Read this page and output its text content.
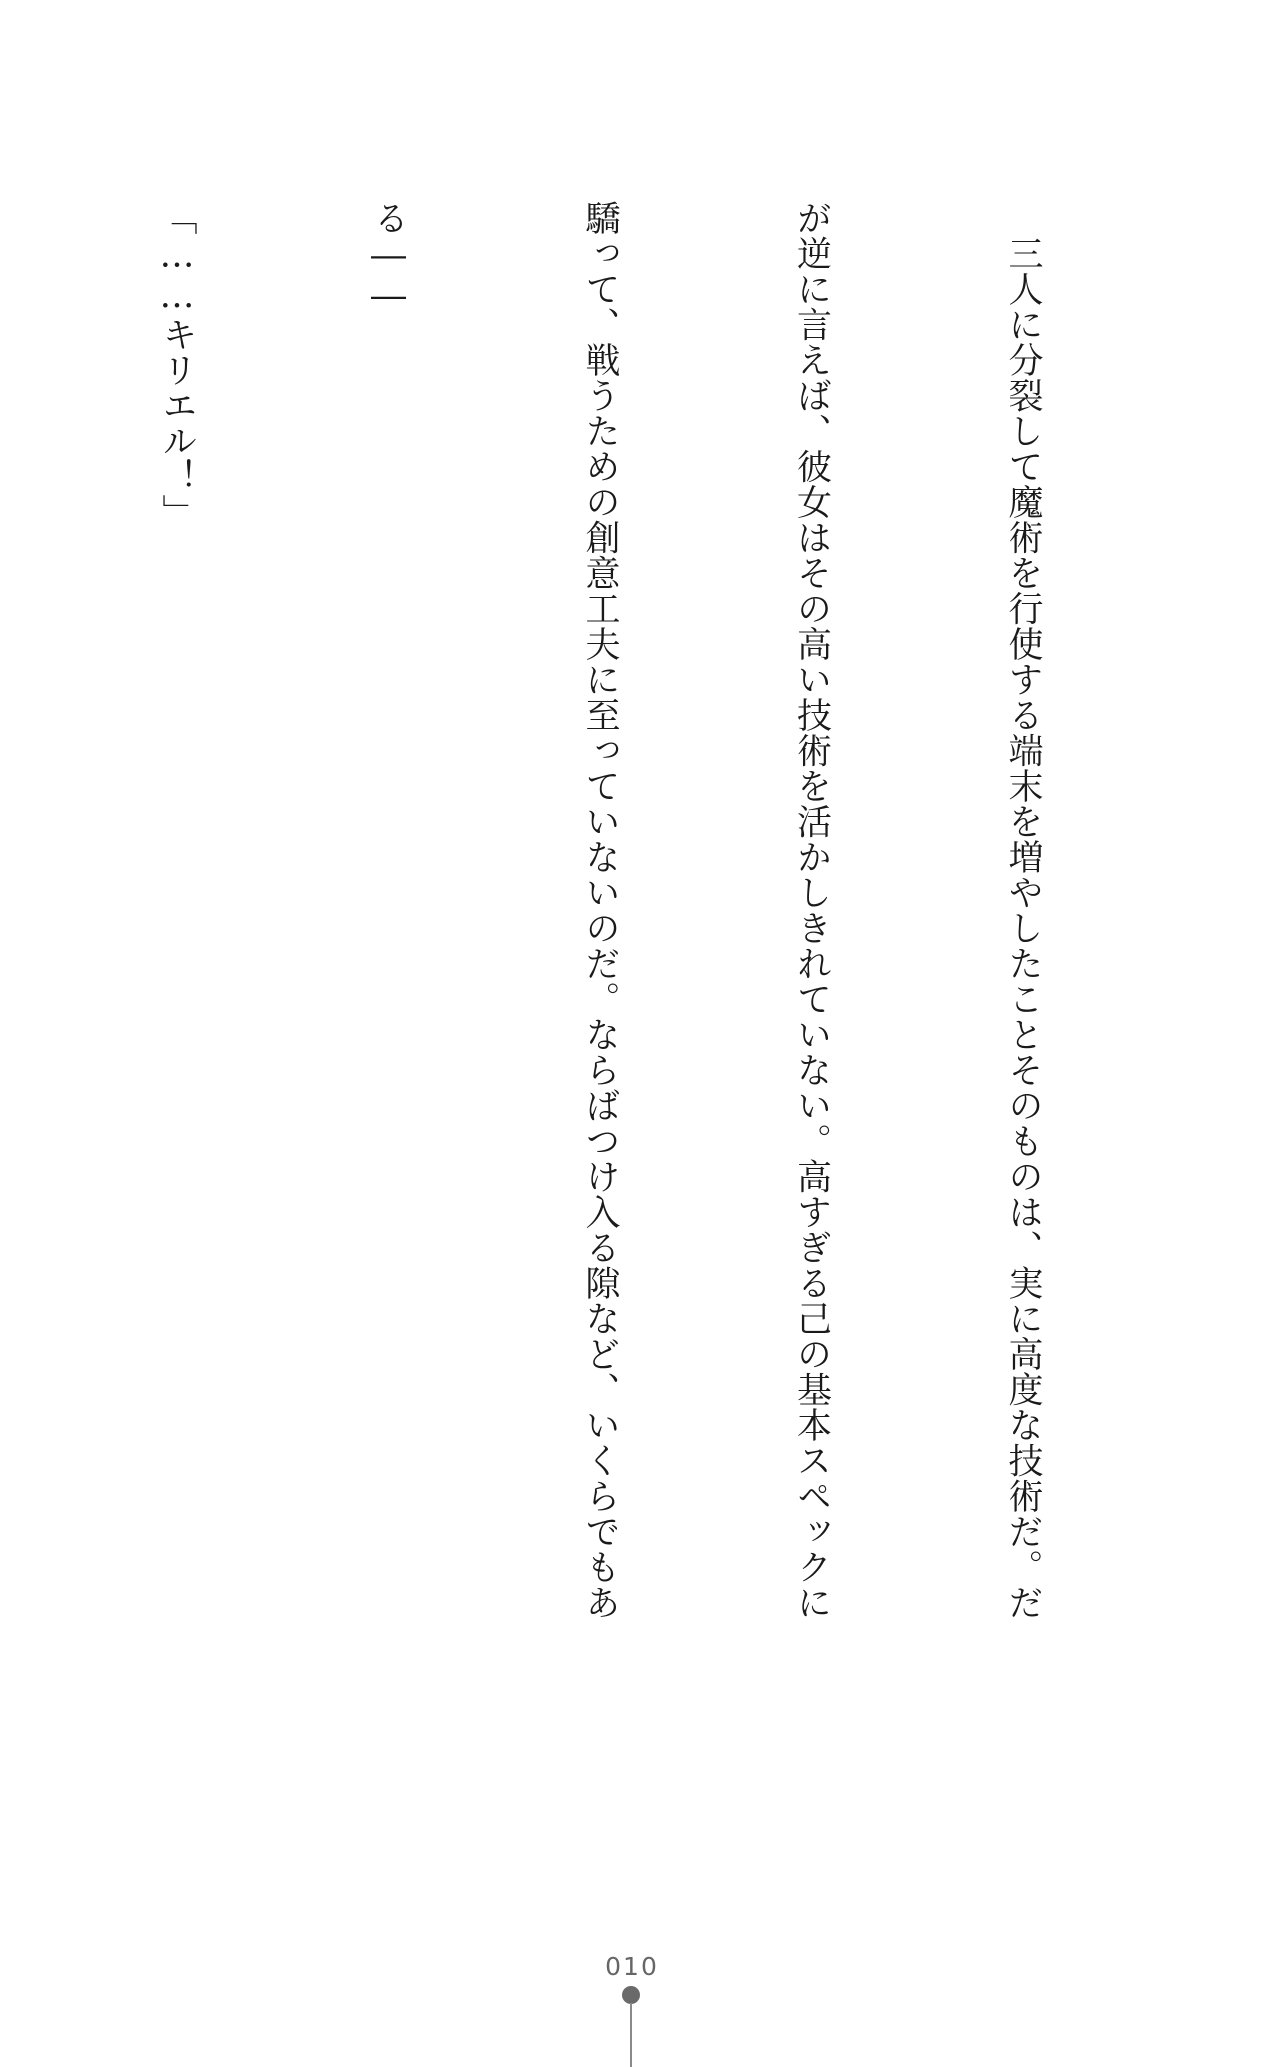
　三人に分裂して魔術を行使する端末を増やしたことそのものは、実に高度な技術だ。だ

が逆に言えば、彼女はその高い技術を活かしきれていない。高すぎる己の基本スペックに

驕って、戦うための創意工夫に至っていないのだ。ならばつけ入る隙など、いくらでもあ

る――

「……キリエル！」

010
